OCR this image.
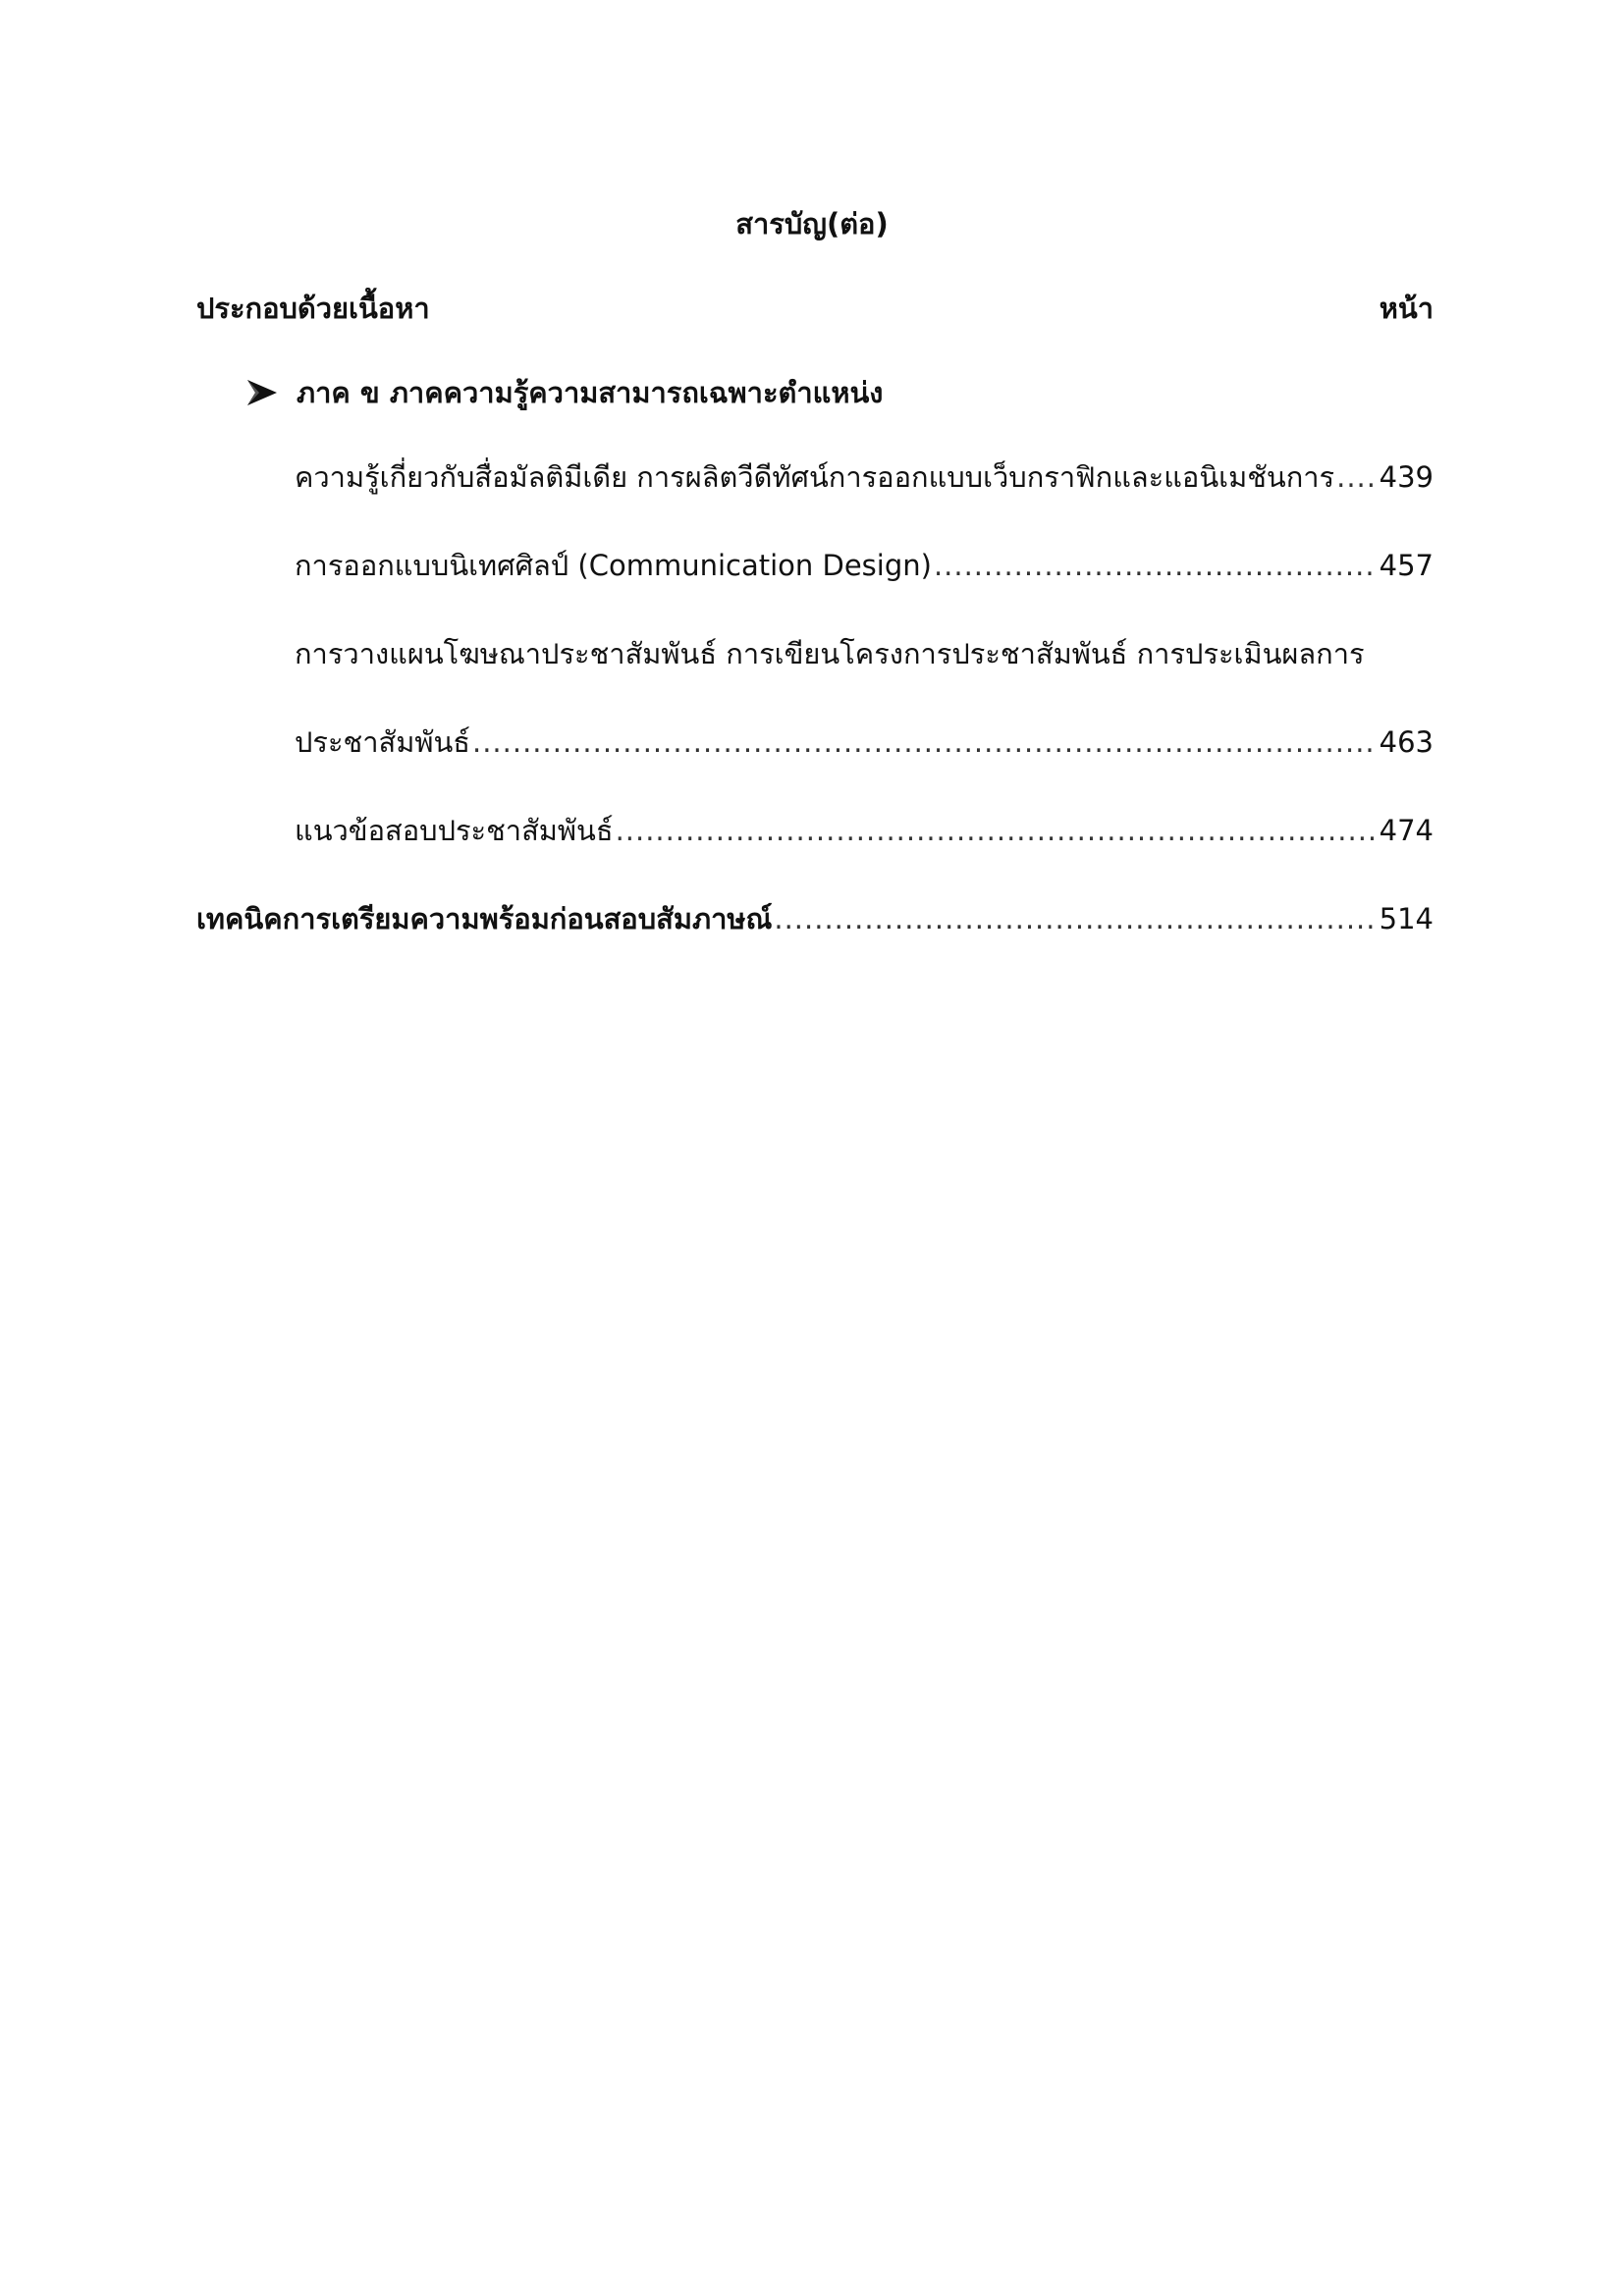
สารบัญ(ต่อ)
ประกอบด้วยเนื้อหา	หน้า
ภาค ข ภาคความรู้ความสามารถเฉพาะตำแหน่ง
ความรู้เกี่ยวกับสื่อมัลติมีเดีย การผลิตวีดีทัศน์การออกแบบเว็บกราฟิกและแอนิเมชันการ ..... 439
การออกแบบนิเทศศิลป์ (Communication Design) .....	457
การวางแผนโฆษณาประชาสัมพันธ์ การเขียนโครงการประชาสัมพันธ์ การประเมินผลการ
ประชาสัมพันธ์ .....	463
แนวข้อสอบประชาสัมพันธ์ .....	474
เทคนิคการเตรียมความพร้อมก่อนสอบสัมภาษณ์ .....	514
